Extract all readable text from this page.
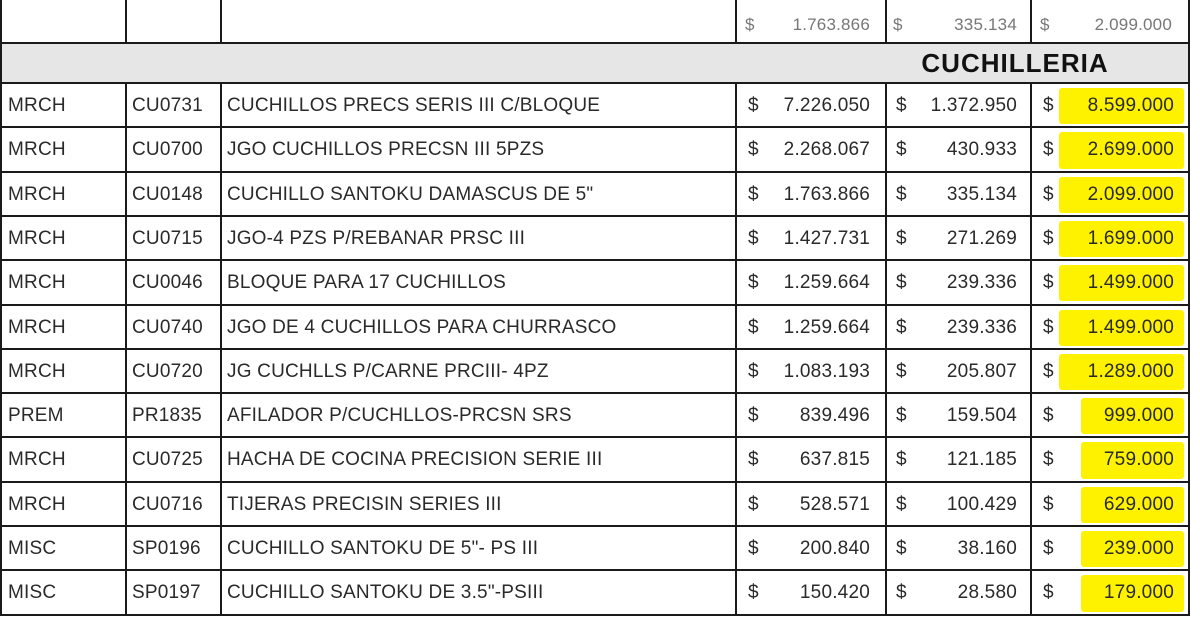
$	1.763.866 $	335.134 $	2.099.000
CUCHILLERIA
MRCH	CU0731	CUCHILLOS PRECS SERIS III C/BLOQUE	$	7.226.050 $	1.372.950 $	8.599.000
MRCH	CU0700	JGO CUCHILLOS PRECSN III 5PZS	$	2.268.067 $	430.933 $	2.699.000
MRCH	CU0148	CUCHILLO SANTOKU DAMASCUS DE 5"	$	1.763.866 $	335.134 $	2.099.000
MRCH	CU0715	JGO-4 PZS P/REBANAR PRSC III	$	1.427.731 $	271.269 $	1.699.000
MRCH	CU0046	BLOQUE PARA 17 CUCHILLOS	$	1.259.664 $	239.336 $	1.499.000
MRCH	CU0740	JGO DE 4 CUCHILLOS PARA CHURRASCO	$	1.259.664 $	239.336 $	1.499.000
MRCH	CU0720	JG CUCHLLS P/CARNE PRCIII- 4PZ	$	1.083.193 $	205.807 $	1.289.000
PREM	PR1835	AFILADOR P/CUCHLLOS-PRCSN SRS	$	839.496 $	159.504 $	999.000
MRCH	CU0725	HACHA DE COCINA PRECISION SERIE III	$	637.815 $	121.185 $	759.000
MRCH	CU0716	TIJERAS PRECISIN SERIES III	$	528.571 $	100.429 $	629.000
MISC	SP0196	CUCHILLO SANTOKU DE 5"- PS III	$	200.840 $	38.160 $	239.000
MISC	SP0197	CUCHILLO SANTOKU DE 3.5"-PSIII	$	150.420 $	28.580 $	179.000
